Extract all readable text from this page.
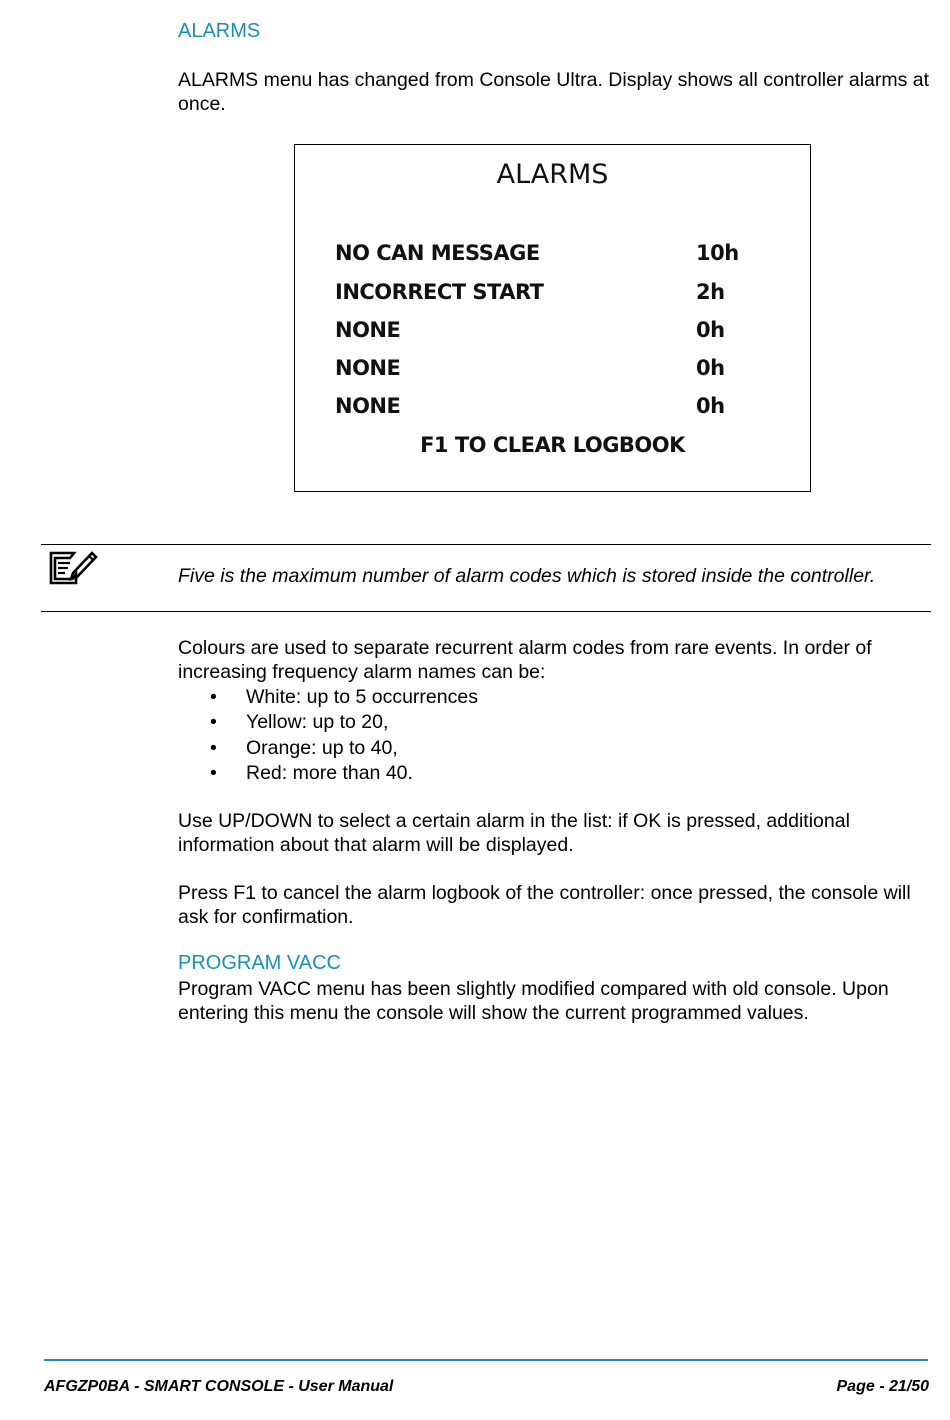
ALARMS

ALARMS menu has changed from Console Ultra. Display shows all controller alarms at once.

ALARMS
NO CAN MESSAGE	10h
INCORRECT START	2h
NONE	0h
NONE	0h
NONE	0h
F1 TO CLEAR LOGBOOK

Five is the maximum number of alarm codes which is stored inside the controller.

Colours are used to separate recurrent alarm codes from rare events. In order of increasing frequency alarm names can be:

• White: up to 5 occurrences
• Yellow: up to 20,
• Orange: up to 40,
• Red: more than 40.

Use UP/DOWN to select a certain alarm in the list: if OK is pressed, additional information about that alarm will be displayed.

Press F1 to cancel the alarm logbook of the controller: once pressed, the console will ask for confirmation.

PROGRAM VACC

Program VACC menu has been slightly modified compared with old console. Upon entering this menu the console will show the current programmed values.

AFGZP0BA - SMART CONSOLE - User Manual	Page - 21/50
